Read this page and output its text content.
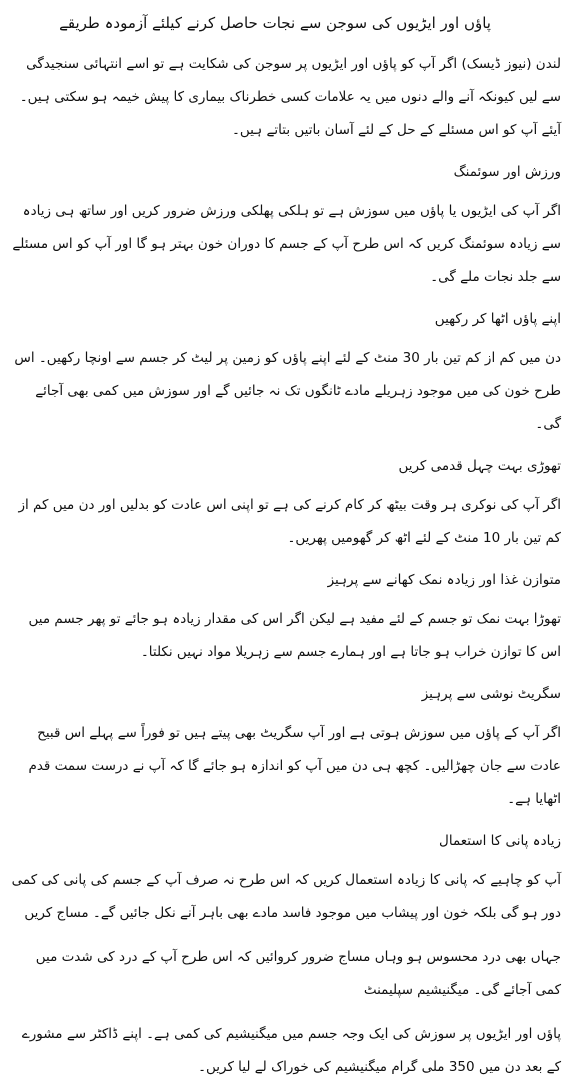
پاؤں اور ایڑیوں کی سوجن سے نجات حاصل کرنے کیلئے آزمودہ طریقے
لندن (نیوز ڈیسک) اگر آپ کو پاؤں اور ایڑیوں پر سوجن کی شکایت ہے تو اسے انتہائی سنجیدگی سے لیں کیونکہ آنے والے دنوں میں یہ علامات کسی خطرناک بیماری کا پیش خیمہ ہو سکتی ہیں۔ آیئے آپ کو اس مسئلے کے حل کے لئے آسان باتیں بتاتے ہیں۔
ورزش اور سوئمنگ
اگر آپ کی ایڑیوں یا پاؤں میں سوزش ہے تو ہلکی پھلکی ورزش ضرور کریں اور ساتھ ہی زیادہ سے زیادہ سوئمنگ کریں کہ اس طرح آپ کے جسم کا دوران خون بہتر ہو گا اور آپ کو اس مسئلے سے جلد نجات ملے گی۔
اپنے پاؤں اٹھا کر رکھیں
دن میں کم از کم تین بار 30 منٹ کے لئے اپنے پاؤں کو زمین پر لیٹ کر جسم سے اونچا رکھیں۔ اس طرح خون کی میں موجود زہریلے مادے ٹانگوں تک نہ جائیں گے اور سوزش میں کمی بھی آجائے گی۔
تھوڑی بہت چہل قدمی کریں
اگر آپ کی نوکری ہر وقت بیٹھ کر کام کرنے کی ہے تو اپنی اس عادت کو بدلیں اور دن میں کم از کم تین بار 10 منٹ کے لئے اٹھ کر گھومیں پھریں۔
متوازن غذا اور زیادہ نمک کھانے سے پرہیز
تھوڑا بہت نمک تو جسم کے لئے مفید ہے لیکن اگر اس کی مقدار زیادہ ہو جائے تو پھر جسم میں اس کا توازن خراب ہو جاتا ہے اور ہمارے جسم سے زہریلا مواد نہیں نکلتا۔
سگریٹ نوشی سے پرہیز
اگر آپ کے پاؤں میں سوزش ہوتی ہے اور آپ سگریٹ بھی پیتے ہیں تو فوراً سے پہلے اس قبیح عادت سے جان چھڑالیں۔ کچھ ہی دن میں آپ کو اندازہ ہو جائے گا کہ آپ نے درست سمت قدم اٹھایا ہے۔
زیادہ پانی کا استعمال
آپ کو چاہیے کہ پانی کا زیادہ استعمال کریں کہ اس طرح نہ صرف آپ کے جسم کی پانی کی کمی دور ہو گی بلکہ خون اور پیشاب میں موجود فاسد مادے بھی باہر آنے نکل جائیں گے۔ مساج کریں
جہاں بھی درد محسوس ہو وہاں مساج ضرور کروائیں کہ اس طرح آپ کے درد کی شدت میں کمی آجائے گی۔ میگنیشیم سپلیمنٹ
پاؤں اور ایڑیوں پر سوزش کی ایک وجہ جسم میں میگنیشیم کی کمی ہے۔ اپنے ڈاکٹر سے مشورے کے بعد دن میں 350 ملی گرام میگنیشیم کی خوراک لے لیا کریں۔
